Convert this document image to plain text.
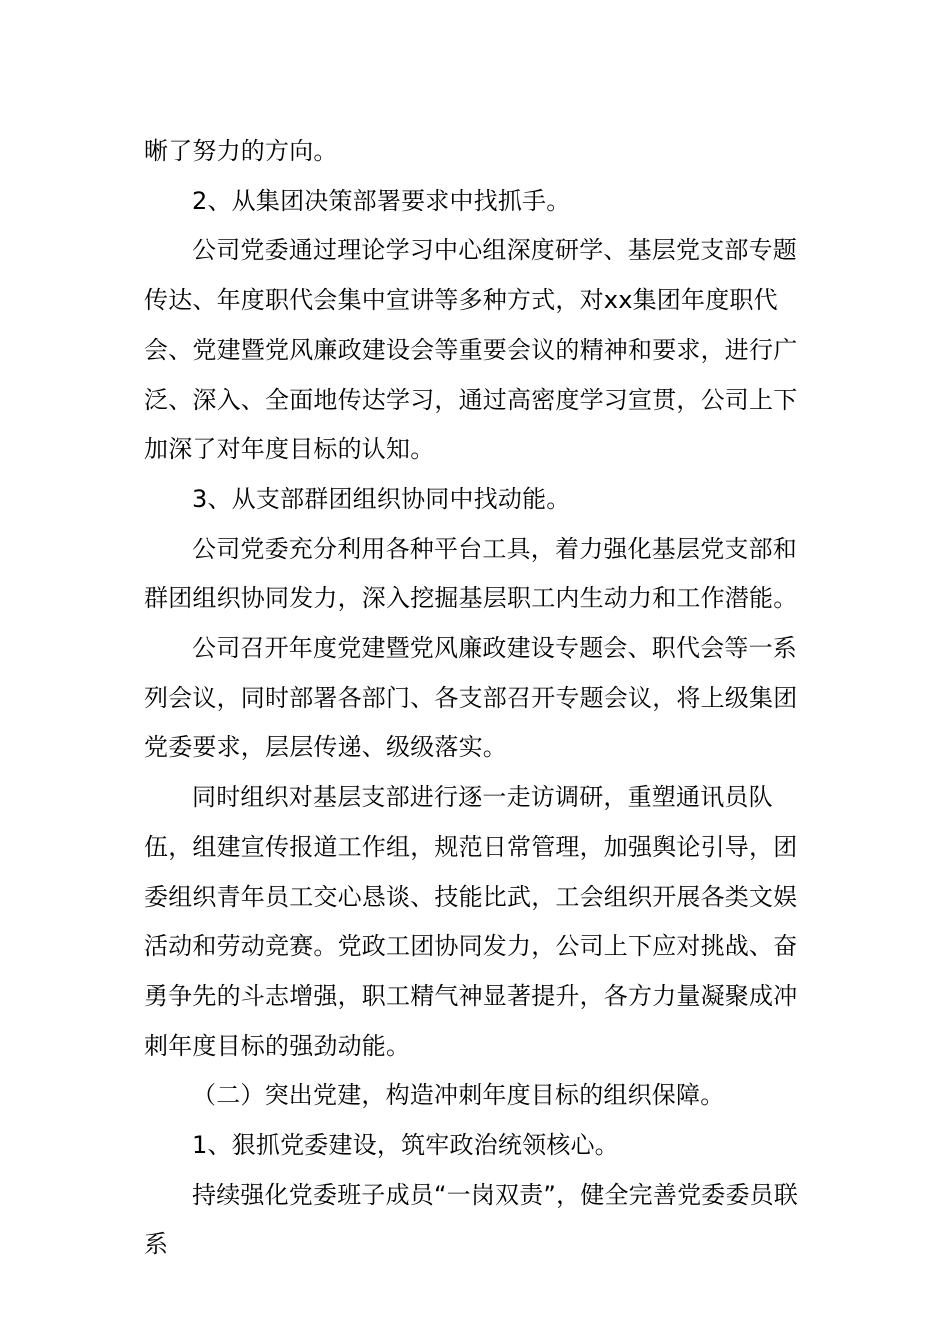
晰了努力的方向。

2、从集团决策部署要求中找抓手。

公司党委通过理论学习中心组深度研学、基层党支部专题传达、年度职代会集中宣讲等多种方式，对xx集团年度职代会、党建暨党风廉政建设会等重要会议的精神和要求，进行广泛、深入、全面地传达学习，通过高密度学习宣贯，公司上下加深了对年度目标的认知。

3、从支部群团组织协同中找动能。

公司党委充分利用各种平台工具，着力强化基层党支部和群团组织协同发力，深入挖掘基层职工内生动力和工作潜能。

公司召开年度党建暨党风廉政建设专题会、职代会等一系列会议，同时部署各部门、各支部召开专题会议，将上级集团党委要求，层层传递、级级落实。

同时组织对基层支部进行逐一走访调研，重塑通讯员队

伍，组建宣传报道工作组，规范日常管理，加强舆论引导，团委组织青年员工交心恳谈、技能比武，工会组织开展各类文娱活动和劳动竞赛。党政工团协同发力，公司上下应对挑战、奋勇争先的斗志增强，职工精气神显著提升，各方力量凝聚成冲刺年度目标的强劲动能。

（二）突出党建，构造冲刺年度目标的组织保障。

1、狠抓党委建设，筑牢政治统领核心。

持续强化党委班子成员“一岗双责”，健全完善党委委员联系
